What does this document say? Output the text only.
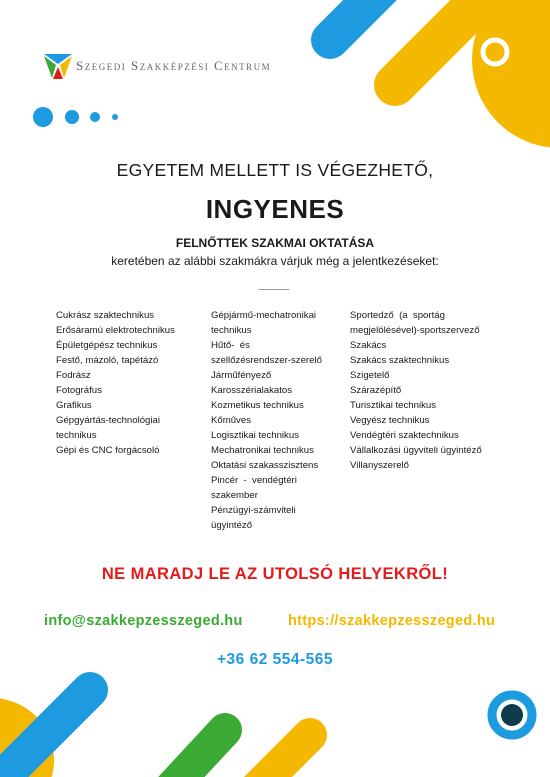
Szegedi Szakképzési Centrum
EGYETEM MELLETT IS VÉGEZHETŐ,
INGYENES
FELNŐTTEK SZAKMAI OKTATÁSA
keretében az alábbi szakmákra várjuk még a jelentkezéseket:
Cukrász szaktechnikus
Erősáramú elektrotechnikus
Épületgépész technikus
Festő, mázoló, tapétázó
Fodrász
Fotográfus
Grafikus
Gépgyártás-technológiai
technikus
Gépi és CNC forgácsoló
Gépjármű-mechatronikai
technikus
Hűtő-  és
szellőzésrendszer-szerelő
Járműfényező
Karosszérialakatos
Kozmetikus technikus
Kőműves
Logisztikai technikus
Mechatronikai technikus
Oktatási szakasszisztens
Pincér  -  vendégtéri
szakember
Pénzügyi-számviteli
ügyintéző
Sportedző  (a  sportág
megjelölésével)-sportszervező
Szakács
Szakács szaktechnikus
Szigetelő
Szárazépítő
Turisztikai technikus
Vegyész technikus
Vendégtéri szaktechnikus
Vállalkozási ügyviteli ügyintéző
Villanyszerelő
NE MARADJ LE AZ UTOLSÓ HELYEKRŐL!
info@szakkepzesszeged.hu	https://szakkepzesszeged.hu
+36 62 554-565
